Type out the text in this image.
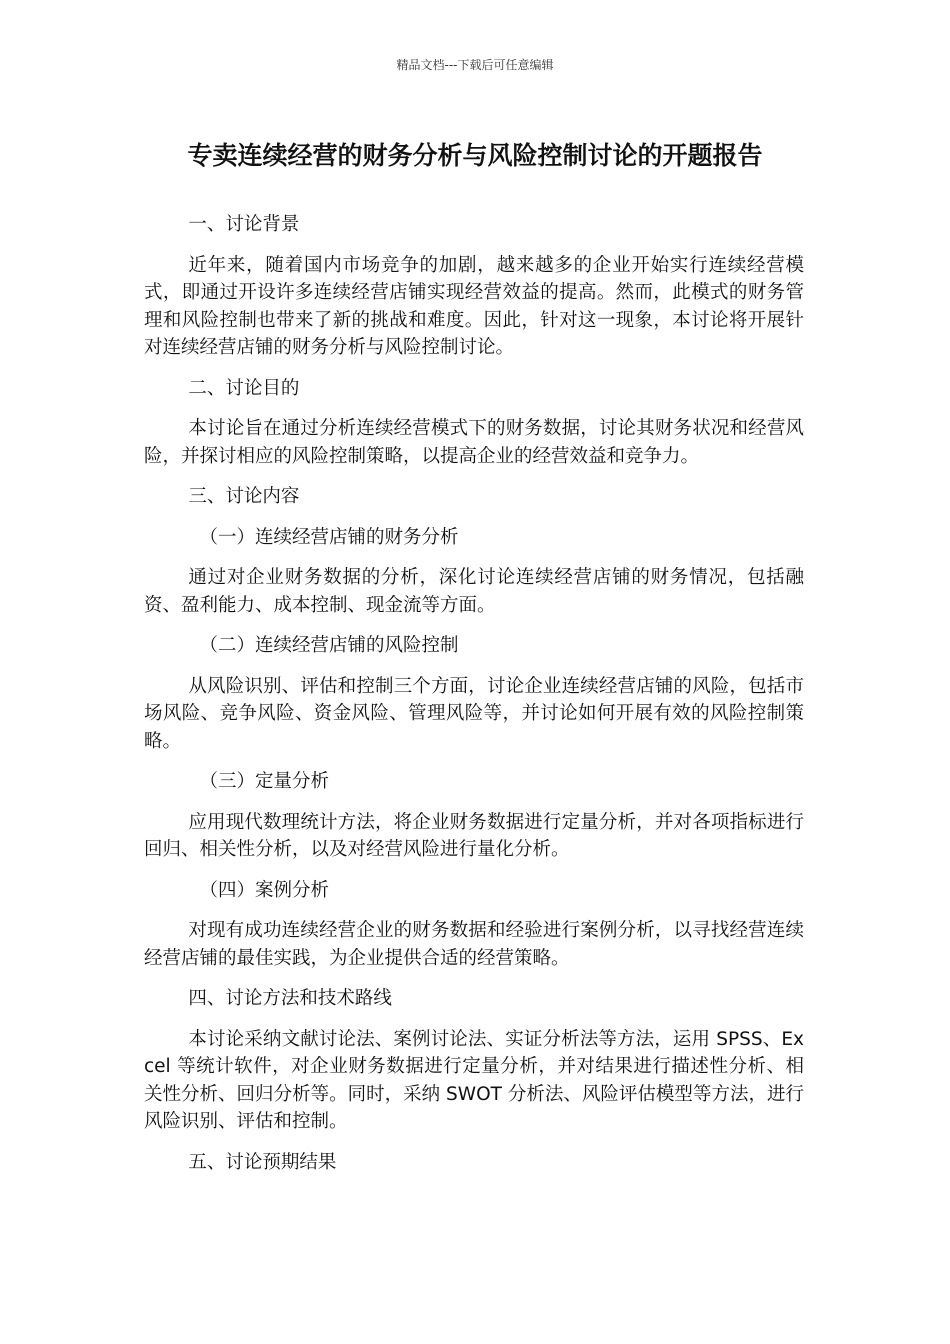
精品文档---下载后可任意编辑
专卖连续经营的财务分析与风险控制讨论的开题报告

一、讨论背景

近年来，随着国内市场竞争的加剧，越来越多的企业开始实行连续经营模式，即通过开设许多连续经营店铺实现经营效益的提高。然而，此模式的财务管理和风险控制也带来了新的挑战和难度。因此，针对这一现象，本讨论将开展针对连续经营店铺的财务分析与风险控制讨论。

二、讨论目的

本讨论旨在通过分析连续经营模式下的财务数据，讨论其财务状况和经营风险，并探讨相应的风险控制策略，以提高企业的经营效益和竞争力。

三、讨论内容

（一）连续经营店铺的财务分析

通过对企业财务数据的分析，深化讨论连续经营店铺的财务情况，包括融资、盈利能力、成本控制、现金流等方面。

（二）连续经营店铺的风险控制

从风险识别、评估和控制三个方面，讨论企业连续经营店铺的风险，包括市场风险、竞争风险、资金风险、管理风险等，并讨论如何开展有效的风险控制策略。

（三）定量分析

应用现代数理统计方法，将企业财务数据进行定量分析，并对各项指标进行回归、相关性分析，以及对经营风险进行量化分析。

（四）案例分析

对现有成功连续经营企业的财务数据和经验进行案例分析，以寻找经营连续经营店铺的最佳实践，为企业提供合适的经营策略。

四、讨论方法和技术路线

本讨论采纳文献讨论法、案例讨论法、实证分析法等方法，运用 SPSS、Excel 等统计软件，对企业财务数据进行定量分析，并对结果进行描述性分析、相关性分析、回归分析等。同时，采纳 SWOT 分析法、风险评估模型等方法，进行风险识别、评估和控制。

五、讨论预期结果
